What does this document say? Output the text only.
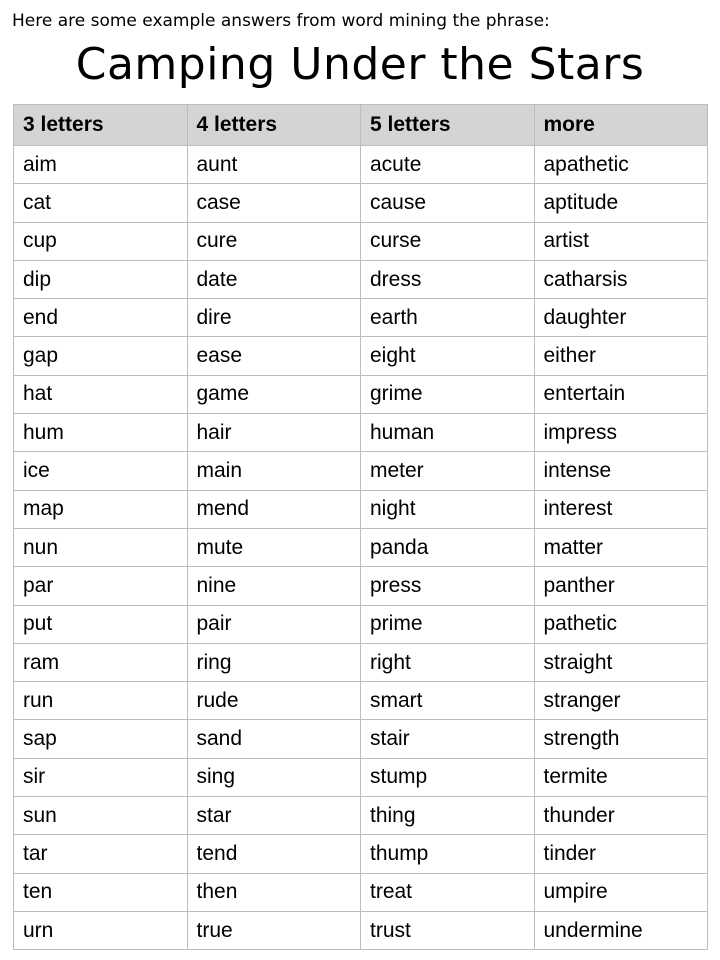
Here are some example answers from word mining the phrase:
Camping Under the Stars
3 letters	4 letters	5 letters	more
aim	aunt	acute	apathetic
cat	case	cause	aptitude
cup	cure	curse	artist
dip	date	dress	catharsis
end	dire	earth	daughter
gap	ease	eight	either
hat	game	grime	entertain
hum	hair	human	impress
ice	main	meter	intense
map	mend	night	interest
nun	mute	panda	matter
par	nine	press	panther
put	pair	prime	pathetic
ram	ring	right	straight
run	rude	smart	stranger
sap	sand	stair	strength
sir	sing	stump	termite
sun	star	thing	thunder
tar	tend	thump	tinder
ten	then	treat	umpire
urn	true	trust	undermine
